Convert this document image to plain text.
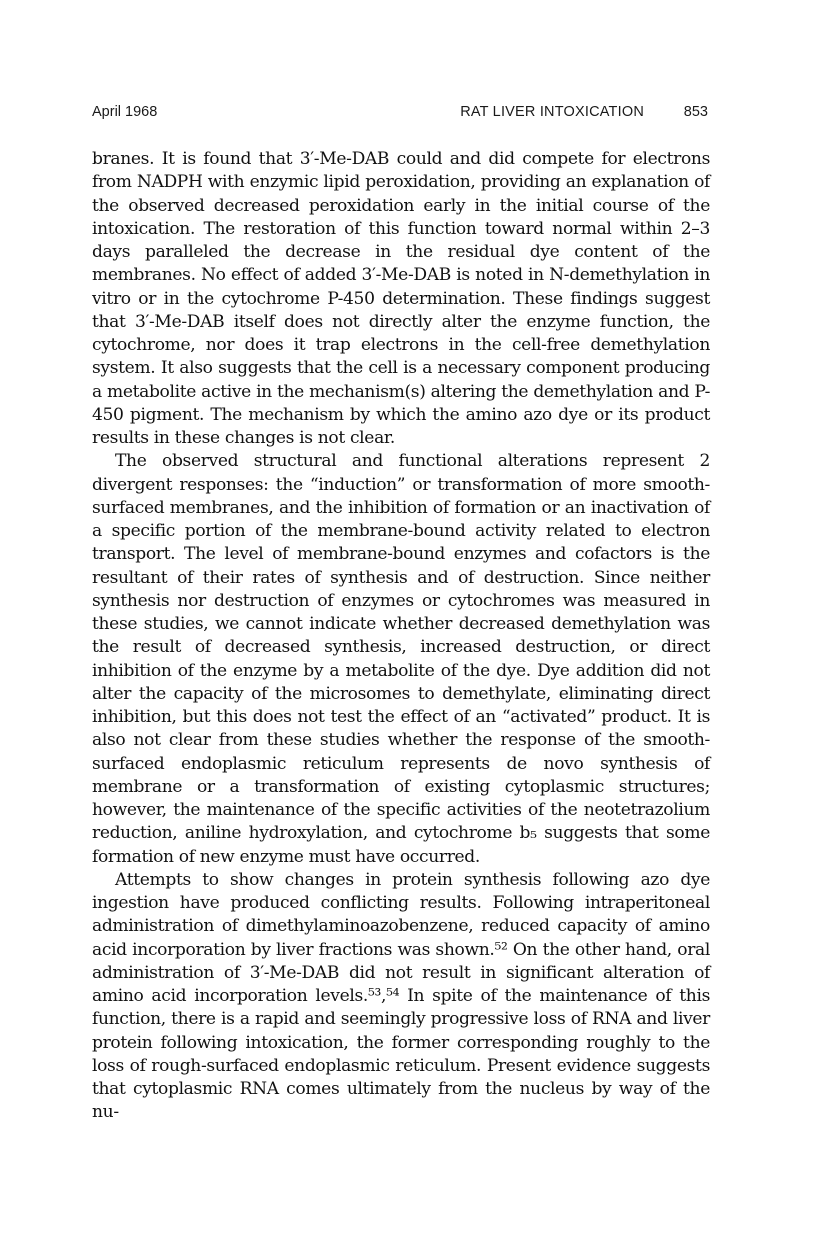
April 1968	RAT LIVER INTOXICATION	853

branes. It is found that 3′-Me-DAB could and did compete for electrons from NADPH with enzymic lipid peroxidation, providing an explanation of the observed decreased peroxidation early in the initial course of the intoxication. The restoration of this function toward normal within 2–3 days paralleled the decrease in the residual dye content of the membranes. No effect of added 3′-Me-DAB is noted in N-demethylation in vitro or in the cytochrome P-450 determination. These findings suggest that 3′-Me-DAB itself does not directly alter the enzyme function, the cytochrome, nor does it trap electrons in the cell-free demethylation system. It also suggests that the cell is a necessary component producing a metabolite active in the mechanism(s) altering the demethylation and P-450 pigment. The mechanism by which the amino azo dye or its product results in these changes is not clear.

The observed structural and functional alterations represent 2 divergent responses: the “induction” or transformation of more smooth-surfaced membranes, and the inhibition of formation or an inactivation of a specific portion of the membrane-bound activity related to electron transport. The level of membrane-bound enzymes and cofactors is the resultant of their rates of synthesis and of destruction. Since neither synthesis nor destruction of enzymes or cytochromes was measured in these studies, we cannot indicate whether decreased demethylation was the result of decreased synthesis, increased destruction, or direct inhibition of the enzyme by a metabolite of the dye. Dye addition did not alter the capacity of the microsomes to demethylate, eliminating direct inhibition, but this does not test the effect of an “activated” product. It is also not clear from these studies whether the response of the smooth-surfaced endoplasmic reticulum represents de novo synthesis of membrane or a transformation of existing cytoplasmic structures; however, the maintenance of the specific activities of the neotetrazolium reduction, aniline hydroxylation, and cytochrome b₅ suggests that some formation of new enzyme must have occurred.

Attempts to show changes in protein synthesis following azo dye ingestion have produced conflicting results. Following intraperitoneal administration of dimethylaminoazobenzene, reduced capacity of amino acid incorporation by liver fractions was shown.⁵² On the other hand, oral administration of 3′-Me-DAB did not result in significant alteration of amino acid incorporation levels.⁵³,⁵⁴ In spite of the maintenance of this function, there is a rapid and seemingly progressive loss of RNA and liver protein following intoxication, the former corresponding roughly to the loss of rough-surfaced endoplasmic reticulum. Present evidence suggests that cytoplasmic RNA comes ultimately from the nucleus by way of the nu-
